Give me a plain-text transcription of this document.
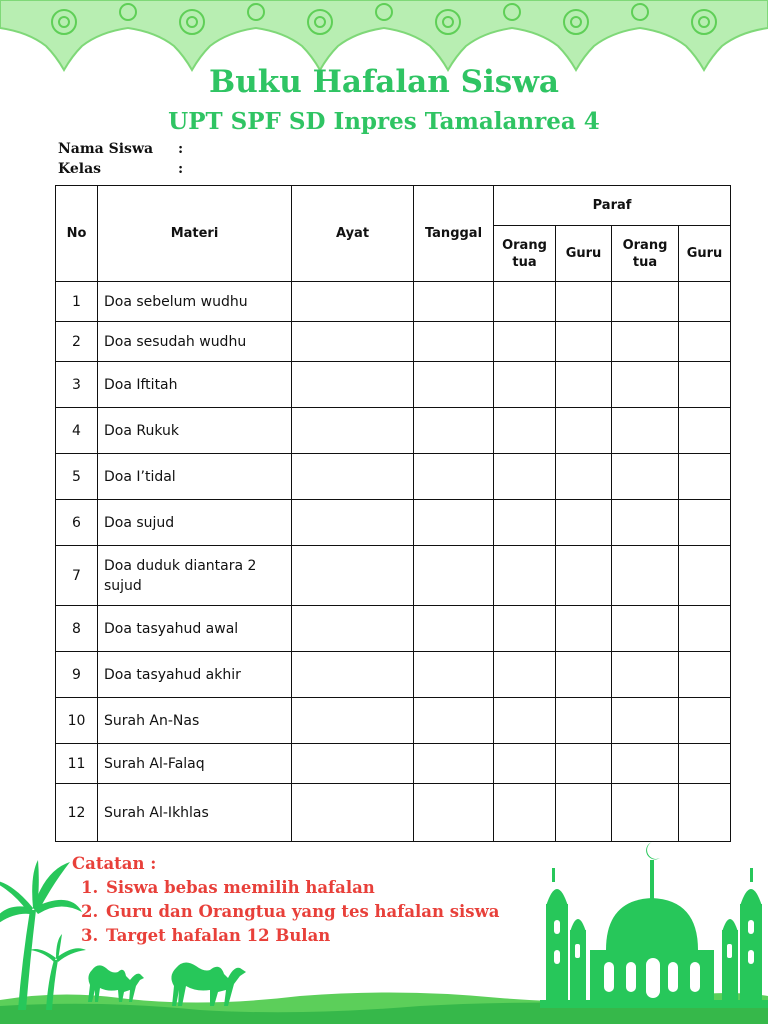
Buku Hafalan Siswa
UPT SPF SD Inpres Tamalanrea 4
Nama Siswa :
Kelas	:
No	Materi	Ayat	Tanggal	Paraf			
				Orang tua	Guru	Orang tua	Guru
1	Doa sebelum wudhu						
2	Doa sesudah wudhu						
3	Doa Iftitah						
4	Doa Rukuk						
5	Doa I’tidal						
6	Doa sujud						
7	Doa duduk diantara 2 sujud						
8	Doa tasyahud awal						
9	Doa tasyahud akhir						
10	Surah An-Nas						
11	Surah Al-Falaq						
12	Surah Al-Ikhlas						
Catatan :
1. Siswa bebas memilih hafalan
2. Guru dan Orangtua yang tes hafalan siswa
3. Target hafalan 12 Bulan
